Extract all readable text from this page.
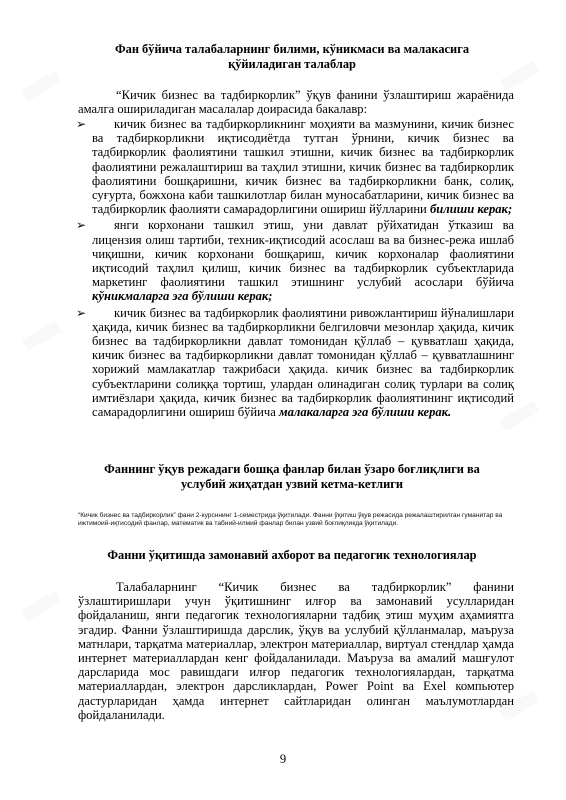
▒▒▒▒▒
▒▒▒▒▒
▒▒▒▒▒
▒▒▒▒▒
▒▒▒▒▒
▒▒▒▒▒
Фан бўйича талабаларнинг билими, кўникмаси ва малакасига
қўйиладиган талаблар
“Кичик бизнес ва тадбиркорлик” ўқув фанини ўзлаштириш жараёнида амалга ошириладиган масалалар доирасида бакалавр:
➢ кичик бизнес ва тадбиркорликнинг моҳияти ва мазмунини, кичик бизнес ва тадбиркорликни иқтисодиётда тутган ўрнини, кичик бизнес ва тадбиркорлик фаолиятини ташкил этишни, кичик бизнес ва тадбиркорлик фаолиятини режалаштириш ва таҳлил этишни, кичик бизнес ва тадбиркорлик фаолиятини бошқаришни, кичик бизнес ва тадбиркорликни банк, солиқ, суғурта, божхона каби ташкилотлар билан муносабатларини, кичик бизнес ва тадбиркорлик фаолияти самарадорлигини ошириш йўлларини билиши керак;
➢ янги корхонани ташкил этиш, уни давлат рўйхатидан ўтказиш ва лицензия олиш тартиби, техник-иқтисодий асослаш ва ва бизнес-режа ишлаб чиқишни, кичик корхонани бошқариш, кичик корхоналар фаолиятини иқтисодий таҳлил қилиш, кичик бизнес ва тадбиркорлик субъектларида маркетинг фаолиятини ташкил этишнинг услубий асослари бўйича кўникмаларга эга бўлиши керак;
➢ кичик бизнес ва тадбиркорлик фаолиятини ривожлантириш йўналишлари ҳақида, кичик бизнес ва тадбиркорликни белгиловчи мезонлар ҳақида, кичик бизнес ва тадбиркорликни давлат томонидан қўллаб – қувватлаш ҳақида, кичик бизнес ва тадбиркорликни давлат томонидан қўллаб – қувватлашнинг хорижий мамлакатлар тажрибаси ҳақида. кичик бизнес ва тадбиркорлик субъектларини солиққа тортиш, улардан олинадиган солиқ турлари ва солиқ имтиёзлари ҳақида, кичик бизнес ва тадбиркорлик фаолиятининг иқтисодий самарадорлигини ошириш бўйича малакаларга эга бўлиши керак.
Фаннинг ўқув режадаги бошқа фанлар билан ўзаро боғлиқлиги ва
услубий жиҳатдан узвий кетма-кетлиги
“Кичик бизнес ва тадбиркорлик” фани 2-курсннинг 1-семестрида ўқитилади. Фанни ўқитиш ўқув режасида режалаштирилган гуманитар ва ижтимоий-иқтисодий фанлар, математик ва табиий-илмий фанлар билан узвий боғлиқликда ўқитилади.
Фанни ўқитишда замонавий ахборот ва педагогик технологиялар
Талабаларнинг “Кичик бизнес ва тадбиркорлик” фанини ўзлаштиришлари учун ўқитишнинг илғор ва замонавий усулларидан фойдаланиш, янги педагогик технологияларни тадбиқ этиш муҳим аҳамиятга эгадир. Фанни ўзлаштиришда дарслик, ўқув ва услубий қўлланмалар, маъруза матнлари, тарқатма материаллар, электрон материаллар, виртуал стендлар ҳамда интернет материаллардан кенг фойдаланилади. Маъруза ва амалий машғулот дарсларида мос равишдаги илғор педагогик технологиялардан, тарқатма материаллардан, электрон дарсликлардан, Power Point ва Exel компьютер дастурларидан ҳамда интернет сайтларидан олинган маълумотлардан фойдаланилади.
9
